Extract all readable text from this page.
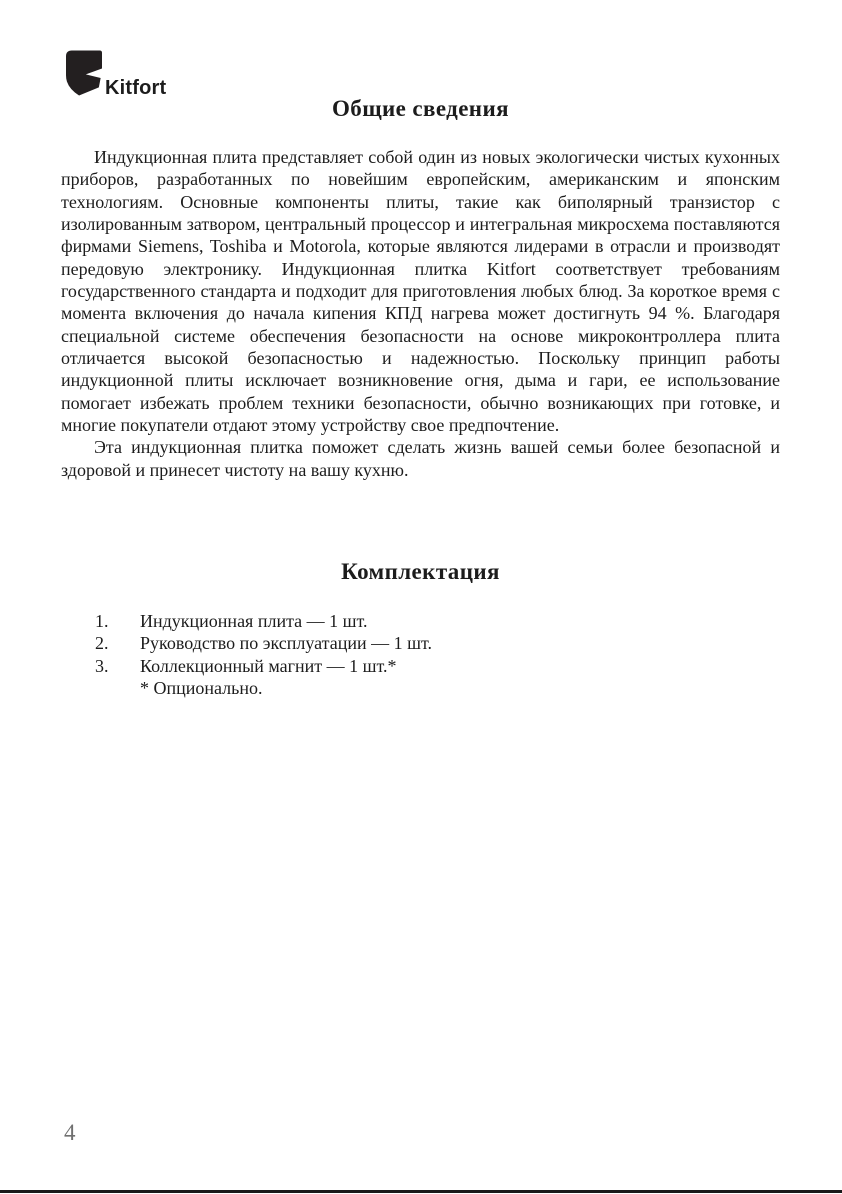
Kitfort
Общие сведения

Индукционная плита представляет собой один из новых экологически чистых кухонных приборов, разработанных по новейшим европейским, американским и японским технологиям. Основные компоненты плиты, такие как биполярный транзистор с изолированным затвором, центральный процессор и интегральная микросхема поставляются фирмами Siemens, Toshiba и Motorola, которые являются лидерами в отрасли и производят передовую электронику. Индукционная плитка Kitfort соответствует требованиям государственного стандарта и подходит для приготовления любых блюд. За короткое время с момента включения до начала кипения КПД нагрева может достигнуть 94 %. Благодаря специальной системе обеспечения безопасности на основе микроконтроллера плита отличается высокой безопасностью и надежностью. Поскольку принцип работы индукционной плиты исключает возникновение огня, дыма и гари, ее использование помогает избежать проблем техники безопасности, обычно возникающих при готовке, и многие покупатели отдают этому устройству свое предпочтение.

Эта индукционная плитка поможет сделать жизнь вашей семьи более безопасной и здоровой и принесет чистоту на вашу кухню.

Комплектация
1.	Индукционная плита — 1 шт.
2.	Руководство по эксплуатации — 1 шт.
3.	Коллекционный магнит — 1 шт.*
* Опционально.
4
